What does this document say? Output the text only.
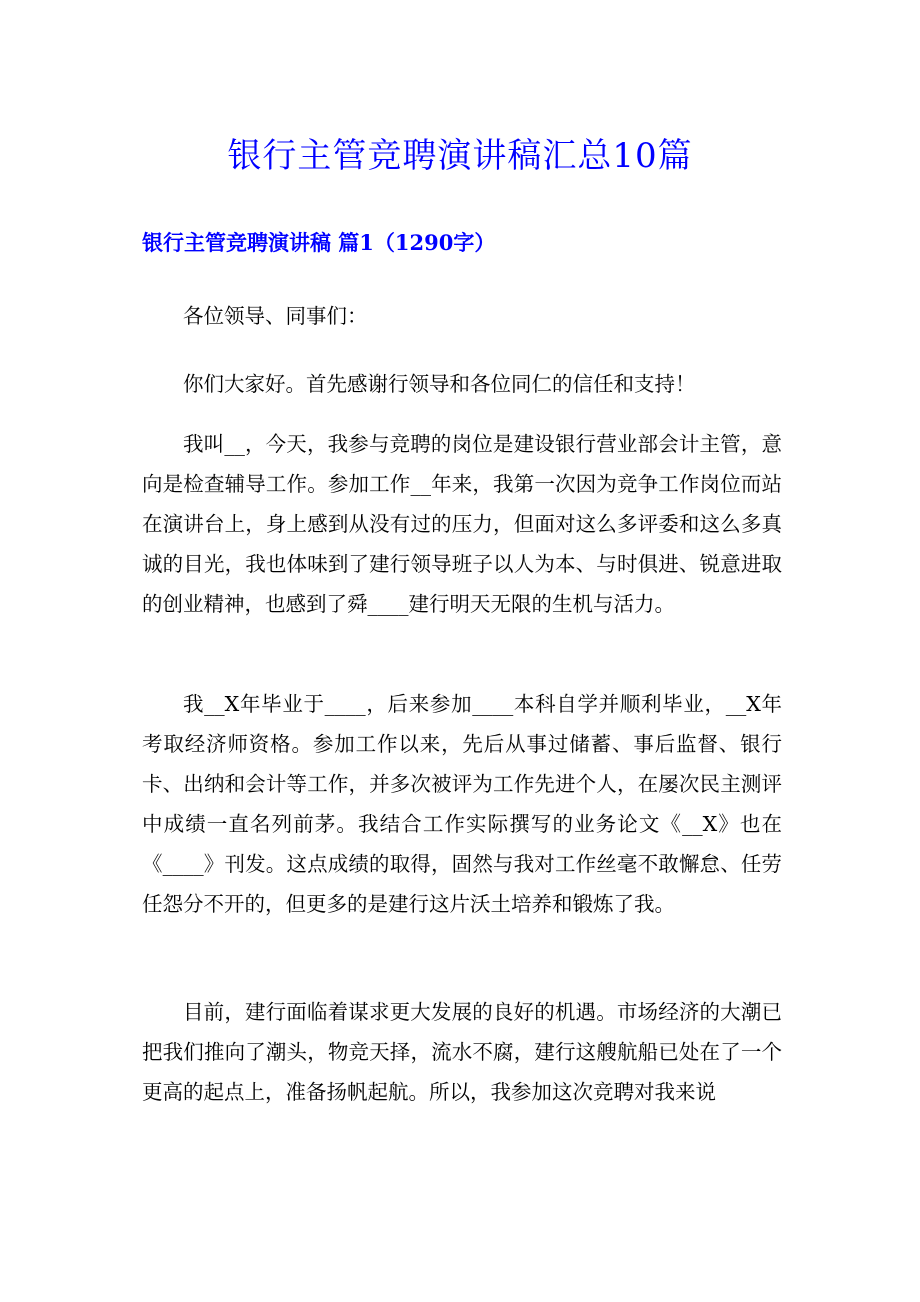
银行主管竞聘演讲稿汇总10篇
银行主管竞聘演讲稿 篇1（1290字）

各位领导、同事们：

你们大家好。首先感谢行领导和各位同仁的信任和支持！

我叫__，今天，我参与竞聘的岗位是建设银行营业部会计主管，意向是检查辅导工作。参加工作__年来，我第一次因为竞争工作岗位而站在演讲台上，身上感到从没有过的压力，但面对这么多评委和这么多真诚的目光，我也体味到了建行领导班子以人为本、与时俱进、锐意进取的创业精神，也感到了舜____建行明天无限的生机与活力。

我__X年毕业于____，后来参加____本科自学并顺利毕业，__X年考取经济师资格。参加工作以来，先后从事过储蓄、事后监督、银行卡、出纳和会计等工作，并多次被评为工作先进个人，在屡次民主测评中成绩一直名列前茅。我结合工作实际撰写的业务论文《__X》也在《____》刊发。这点成绩的取得，固然与我对工作丝毫不敢懈怠、任劳任怨分不开的，但更多的是建行这片沃土培养和锻炼了我。

目前，建行面临着谋求更大发展的良好的机遇。市场经济的大潮已把我们推向了潮头，物竞天择，流水不腐，建行这艘航船已处在了一个更高的起点上，准备扬帆起航。所以，我参加这次竞聘对我来说
